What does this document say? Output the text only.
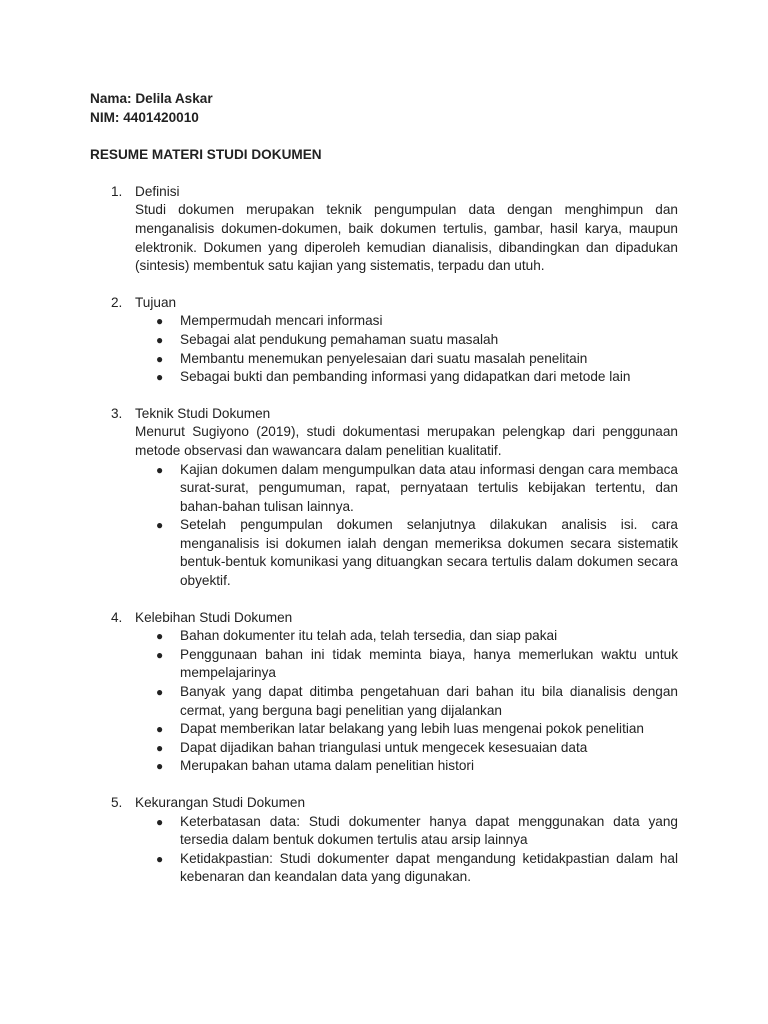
Nama: Delila Askar

NIM: 4401420010

RESUME MATERI STUDI DOKUMEN

1. Definisi

Studi dokumen merupakan teknik pengumpulan data dengan menghimpun dan menganalisis dokumen-dokumen, baik dokumen tertulis, gambar, hasil karya, maupun elektronik. Dokumen yang diperoleh kemudian dianalisis, dibandingkan dan dipadukan (sintesis) membentuk satu kajian yang sistematis, terpadu dan utuh.

2. Tujuan
● Mempermudah mencari informasi
● Sebagai alat pendukung pemahaman suatu masalah
● Membantu menemukan penyelesaian dari suatu masalah penelitain
● Sebagai bukti dan pembanding informasi yang didapatkan dari metode lain
3. Teknik Studi Dokumen

Menurut Sugiyono (2019), studi dokumentasi merupakan pelengkap dari penggunaan metode observasi dan wawancara dalam penelitian kualitatif.

● Kajian dokumen dalam mengumpulkan data atau informasi dengan cara membaca surat-surat, pengumuman, rapat, pernyataan tertulis kebijakan tertentu, dan bahan-bahan tulisan lainnya.
● Setelah pengumpulan dokumen selanjutnya dilakukan analisis isi. cara menganalisis isi dokumen ialah dengan memeriksa dokumen secara sistematik bentuk-bentuk komunikasi yang dituangkan secara tertulis dalam dokumen secara obyektif.
4. Kelebihan Studi Dokumen
● Bahan dokumenter itu telah ada, telah tersedia, dan siap pakai
● Penggunaan bahan ini tidak meminta biaya, hanya memerlukan waktu untuk mempelajarinya
● Banyak yang dapat ditimba pengetahuan dari bahan itu bila dianalisis dengan cermat, yang berguna bagi penelitian yang dijalankan
● Dapat memberikan latar belakang yang lebih luas mengenai pokok penelitian
● Dapat dijadikan bahan triangulasi untuk mengecek kesesuaian data
● Merupakan bahan utama dalam penelitian histori
5. Kekurangan Studi Dokumen
● Keterbatasan data: Studi dokumenter hanya dapat menggunakan data yang tersedia dalam bentuk dokumen tertulis atau arsip lainnya
● Ketidakpastian: Studi dokumenter dapat mengandung ketidakpastian dalam hal kebenaran dan keandalan data yang digunakan.
